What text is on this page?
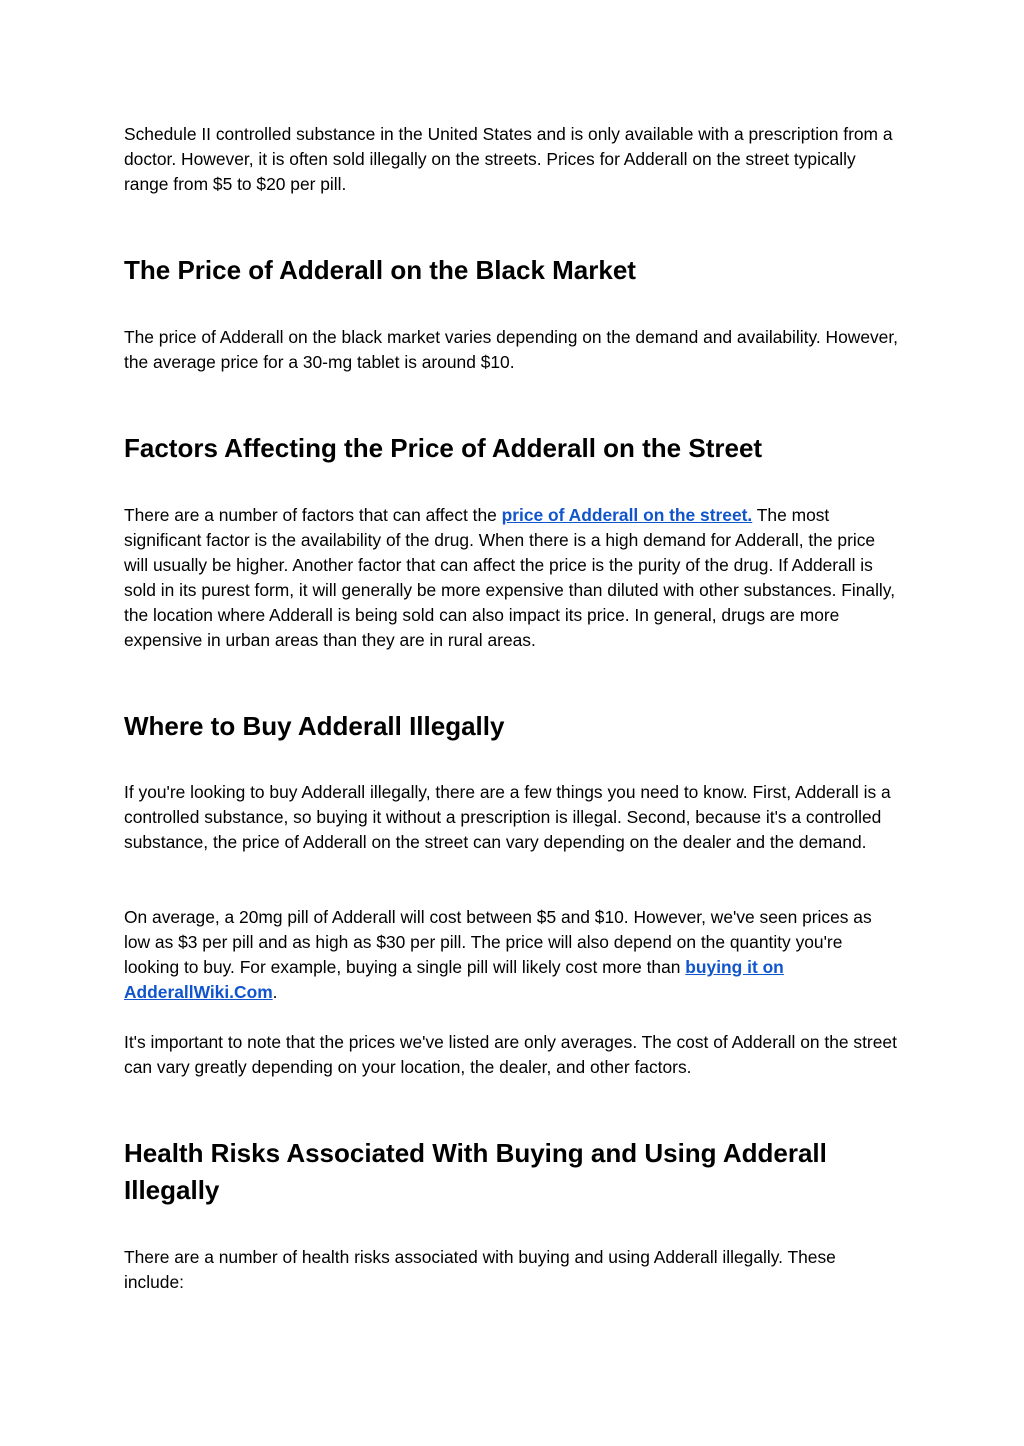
Schedule II controlled substance in the United States and is only available with a prescription from a doctor. However, it is often sold illegally on the streets. Prices for Adderall on the street typically range from $5 to $20 per pill.

The Price of Adderall on the Black Market

The price of Adderall on the black market varies depending on the demand and availability. However, the average price for a 30-mg tablet is around $10.

Factors Affecting the Price of Adderall on the Street

There are a number of factors that can affect the price of Adderall on the street. The most significant factor is the availability of the drug. When there is a high demand for Adderall, the price will usually be higher. Another factor that can affect the price is the purity of the drug. If Adderall is sold in its purest form, it will generally be more expensive than diluted with other substances. Finally, the location where Adderall is being sold can also impact its price. In general, drugs are more expensive in urban areas than they are in rural areas.

Where to Buy Adderall Illegally

If you're looking to buy Adderall illegally, there are a few things you need to know. First, Adderall is a controlled substance, so buying it without a prescription is illegal. Second, because it's a controlled substance, the price of Adderall on the street can vary depending on the dealer and the demand.

On average, a 20mg pill of Adderall will cost between $5 and $10. However, we've seen prices as low as $3 per pill and as high as $30 per pill. The price will also depend on the quantity you're looking to buy. For example, buying a single pill will likely cost more than buying it on AdderallWiki.Com.

It's important to note that the prices we've listed are only averages. The cost of Adderall on the street can vary greatly depending on your location, the dealer, and other factors.

Health Risks Associated With Buying and Using Adderall Illegally

There are a number of health risks associated with buying and using Adderall illegally. These include:
